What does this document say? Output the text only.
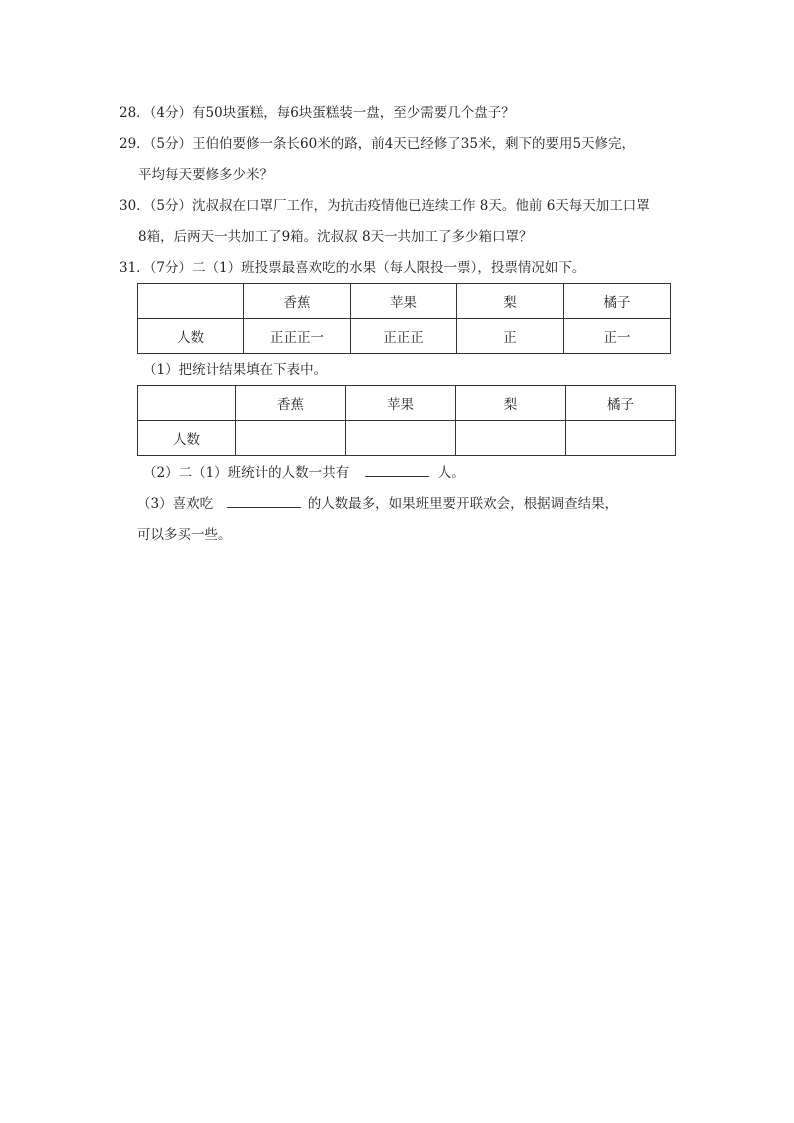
28．（4分）有50块蛋糕，每6块蛋糕装一盘，至少需要几个盘子？
29．（5分）王伯伯要修一条长60米的路，前4天已经修了35米，剩下的要用5天修完，
平均每天要修多少米？
30．（5分）沈叔叔在口罩厂工作，为抗击疫情他已连续工作 8天。他前 6天每天加工口罩
8箱，后两天一共加工了9箱。沈叔叔 8天一共加工了多少箱口罩？
31．（7分）二（1）班投票最喜欢吃的水果（每人限投一票），投票情况如下。
	香蕉	苹果	梨	橘子
人数	正正正一	正正正	正	正一
（1）把统计结果填在下表中。
	香蕉	苹果	梨	橘子
人数				
（2）二（1）班统计的人数一共有	人。
（3）喜欢吃	的人数最多，如果班里要开联欢会，根据调查结果，
可以多买一些。
